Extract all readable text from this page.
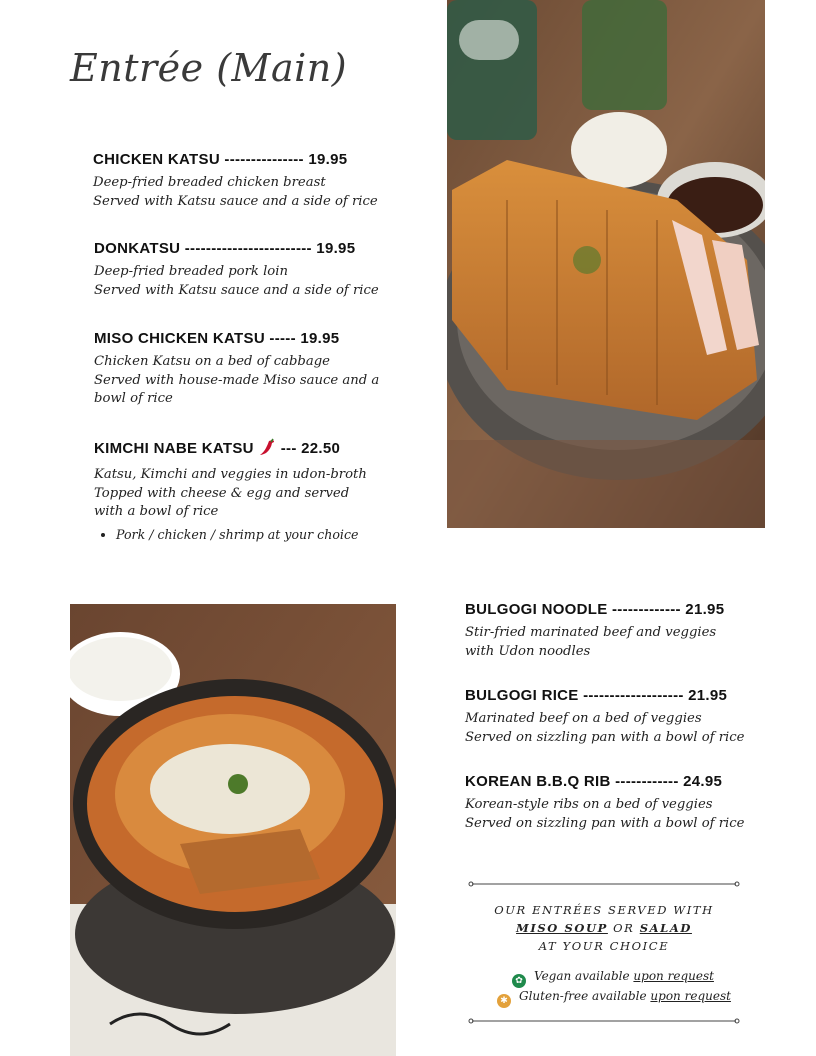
Entrée (Main)
CHICKEN KATSU --------------- 19.95
Deep-fried breaded chicken breast
Served with Katsu sauce and a side of rice
DONKATSU ------------------------ 19.95
Deep-fried breaded pork loin
Served with Katsu sauce and a side of rice
MISO CHICKEN KATSU ----- 19.95
Chicken Katsu on a bed of cabbage
Served with house-made Miso sauce and a
bowl of rice
KIMCHI NABE KATSU --- 22.50
Katsu, Kimchi and veggies in udon-broth
Topped with cheese & egg and served
with a bowl of rice
• Pork / chicken / shrimp at your choice
BULGOGI NOODLE ------------- 21.95
Stir-fried marinated beef and veggies
with Udon noodles
BULGOGI RICE ------------------- 21.95
Marinated beef on a bed of veggies
Served on sizzling pan with a bowl of rice
KOREAN B.B.Q RIB ------------ 24.95
Korean-style ribs on a bed of veggies
Served on sizzling pan with a bowl of rice
OUR ENTRÉES SERVED WITH
MISO SOUP OR SALAD
AT YOUR CHOICE
✿ Vegan available upon request
✱ Gluten-free available upon request
